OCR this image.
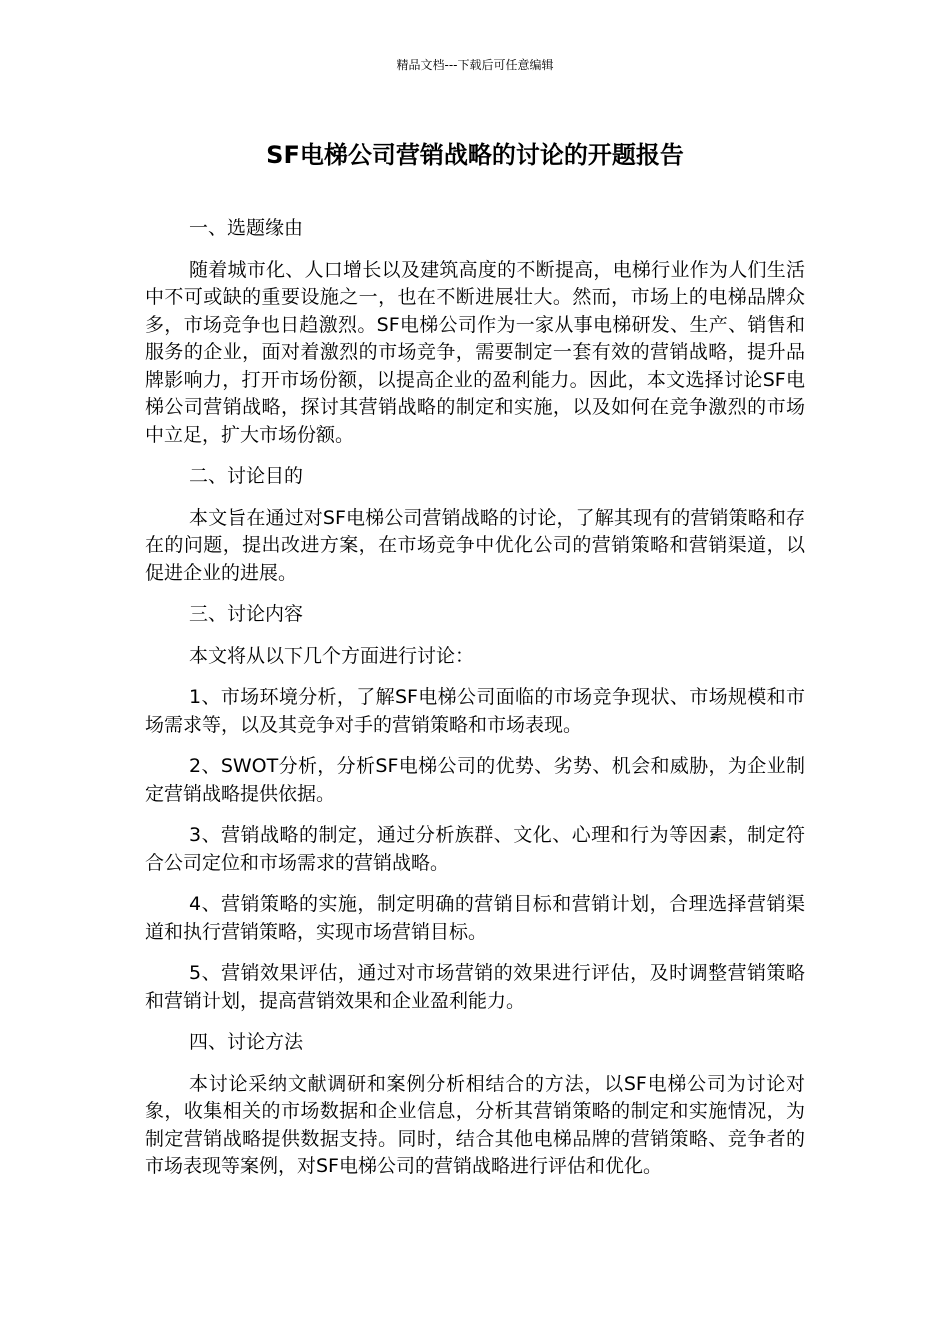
精品文档---下载后可任意编辑
SF电梯公司营销战略的讨论的开题报告

一、选题缘由

随着城市化、人口增长以及建筑高度的不断提高，电梯行业作为人们生活中不可或缺的重要设施之一，也在不断进展壮大。然而，市场上的电梯品牌众多，市场竞争也日趋激烈。SF电梯公司作为一家从事电梯研发、生产、销售和服务的企业，面对着激烈的市场竞争，需要制定一套有效的营销战略，提升品牌影响力，打开市场份额，以提高企业的盈利能力。因此，本文选择讨论SF电梯公司营销战略，探讨其营销战略的制定和实施，以及如何在竞争激烈的市场中立足，扩大市场份额。

二、讨论目的

本文旨在通过对SF电梯公司营销战略的讨论，了解其现有的营销策略和存在的问题，提出改进方案，在市场竞争中优化公司的营销策略和营销渠道，以促进企业的进展。

三、讨论内容

本文将从以下几个方面进行讨论：

1、市场环境分析，了解SF电梯公司面临的市场竞争现状、市场规模和市场需求等，以及其竞争对手的营销策略和市场表现。

2、SWOT分析，分析SF电梯公司的优势、劣势、机会和威胁，为企业制定营销战略提供依据。

3、营销战略的制定，通过分析族群、文化、心理和行为等因素，制定符合公司定位和市场需求的营销战略。

4、营销策略的实施，制定明确的营销目标和营销计划，合理选择营销渠道和执行营销策略，实现市场营销目标。

5、营销效果评估，通过对市场营销的效果进行评估，及时调整营销策略和营销计划，提高营销效果和企业盈利能力。

四、讨论方法

本讨论采纳文献调研和案例分析相结合的方法，以SF电梯公司为讨论对象，收集相关的市场数据和企业信息，分析其营销策略的制定和实施情况，为制定营销战略提供数据支持。同时，结合其他电梯品牌的营销策略、竞争者的市场表现等案例，对SF电梯公司的营销战略进行评估和优化。
